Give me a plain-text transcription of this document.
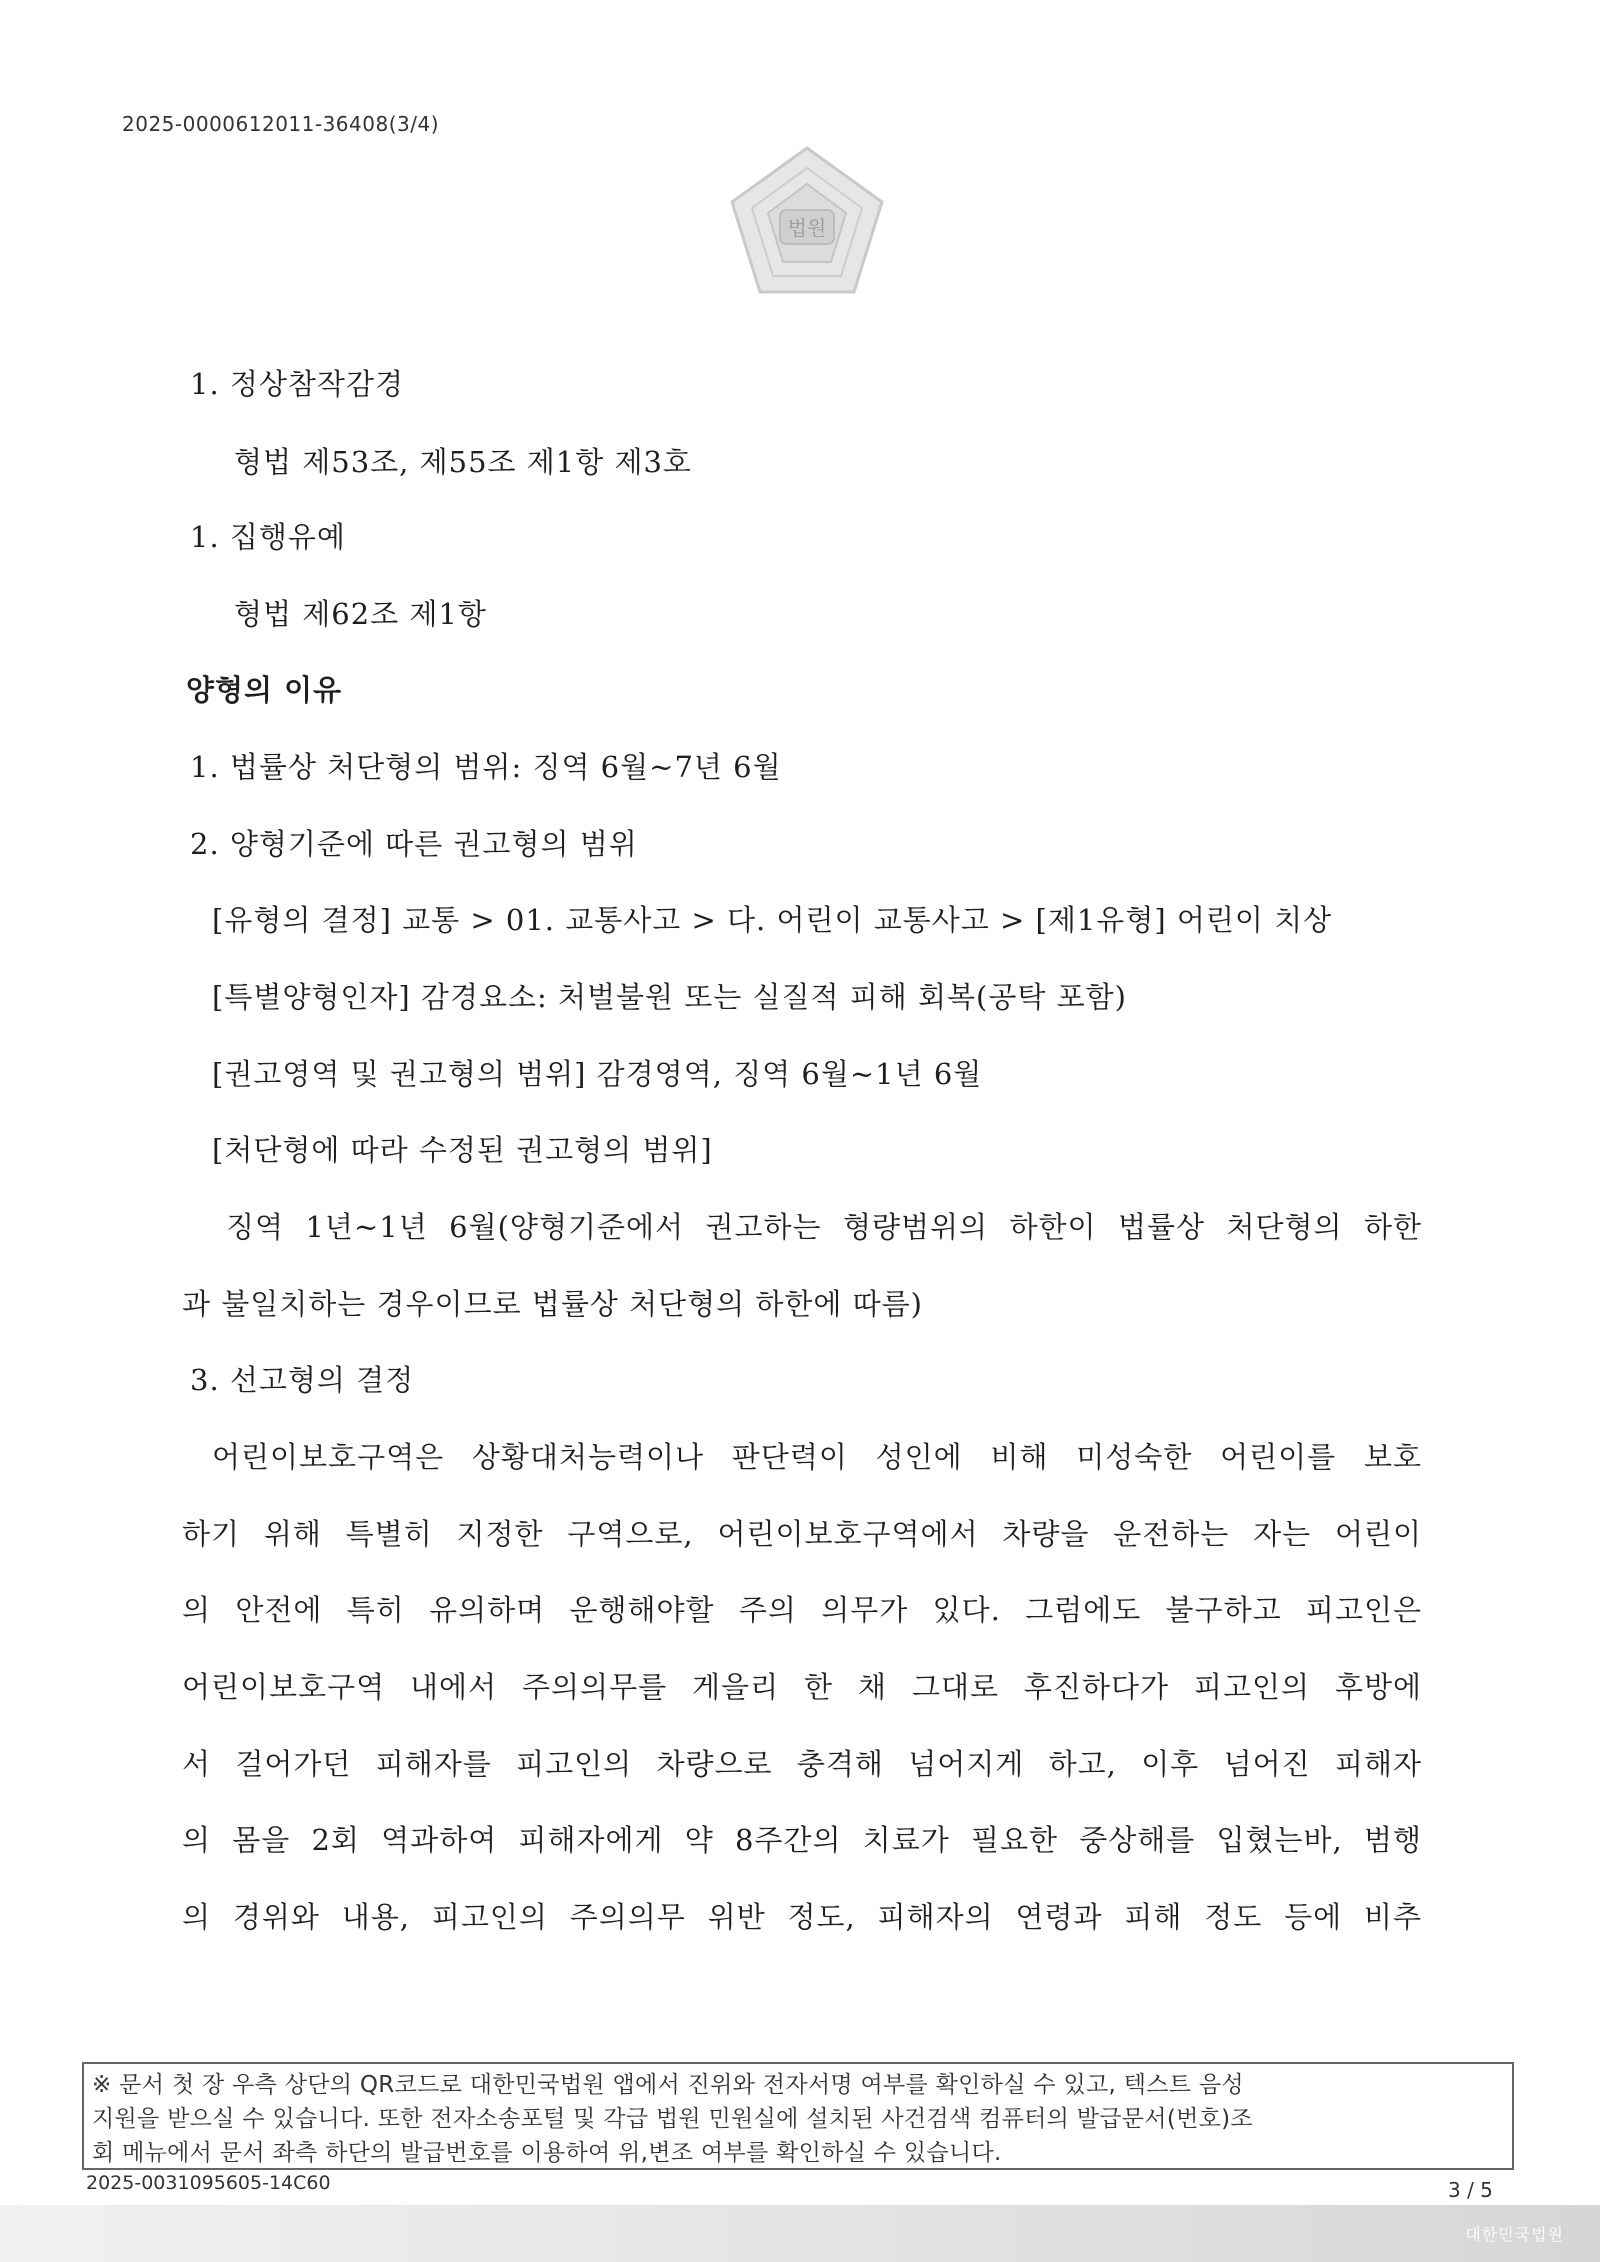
2025-0000612011-36408(3/4)
법원
1. 정상참작감경
형법 제53조, 제55조 제1항 제3호
1. 집행유예
형법 제62조 제1항
양형의 이유
1. 법률상 처단형의 범위: 징역 6월~7년 6월
2. 양형기준에 따른 권고형의 범위
[유형의 결정] 교통 > 01. 교통사고 > 다. 어린이 교통사고 > [제1유형] 어린이 치상
[특별양형인자] 감경요소: 처벌불원 또는 실질적 피해 회복(공탁 포함)
[권고영역 및 권고형의 범위] 감경영역, 징역 6월~1년 6월
[처단형에 따라 수정된 권고형의 범위]
징역 1년~1년 6월(양형기준에서 권고하는 형량범위의 하한이 법률상 처단형의 하한
과 불일치하는 경우이므로 법률상 처단형의 하한에 따름)
3. 선고형의 결정
어린이보호구역은 상황대처능력이나 판단력이 성인에 비해 미성숙한 어린이를 보호
하기 위해 특별히 지정한 구역으로, 어린이보호구역에서 차량을 운전하는 자는 어린이
의 안전에 특히 유의하며 운행해야할 주의 의무가 있다. 그럼에도 불구하고 피고인은
어린이보호구역 내에서 주의의무를 게을리 한 채 그대로 후진하다가 피고인의 후방에
서 걸어가던 피해자를 피고인의 차량으로 충격해 넘어지게 하고, 이후 넘어진 피해자
의 몸을 2회 역과하여 피해자에게 약 8주간의 치료가 필요한 중상해를 입혔는바, 범행
의 경위와 내용, 피고인의 주의의무 위반 정도, 피해자의 연령과 피해 정도 등에 비추
※ 문서 첫 장 우측 상단의 QR코드로 대한민국법원 앱에서 진위와 전자서명 여부를 확인하실 수 있고, 텍스트 음성
지원을 받으실 수 있습니다. 또한 전자소송포털 및 각급 법원 민원실에 설치된 사건검색 컴퓨터의 발급문서(번호)조
회 메뉴에서 문서 좌측 하단의 발급번호를 이용하여 위,변조 여부를 확인하실 수 있습니다.
2025-0031095605-14C60	3 / 5
대한민국법원
